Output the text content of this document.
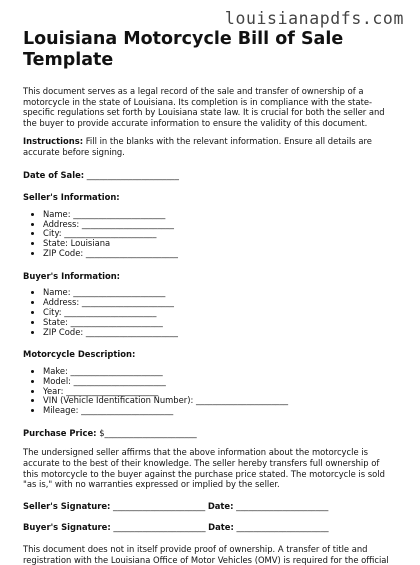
louisianapdfs.com
Louisiana Motorcycle Bill of Sale Template

This document serves as a legal record of the sale and transfer of ownership of a motorcycle in the state of Louisiana. Its completion is in compliance with the state-specific regulations set forth by Louisiana state law. It is crucial for both the seller and the buyer to provide accurate information to ensure the validity of this document.

Instructions: Fill in the blanks with the relevant information. Ensure all details are accurate before signing.

Date of Sale: ______________________

Seller's Information:
• Name: ______________________
• Address: ______________________
• City: ______________________
• State: Louisiana
• ZIP Code: ______________________
Buyer's Information:
• Name: ______________________
• Address: ______________________
• City: ______________________
• State: ______________________
• ZIP Code: ______________________
Motorcycle Description:
• Make: ______________________
• Model: ______________________
• Year: ______________________
• VIN (Vehicle Identification Number): ______________________
• Mileage: ______________________

Purchase Price: $______________________

The undersigned seller affirms that the above information about the motorcycle is accurate to the best of their knowledge. The seller hereby transfers full ownership of this motorcycle to the buyer against the purchase price stated. The motorcycle is sold "as is," with no warranties expressed or implied by the seller.

Seller's Signature: ______________________ Date: ______________________

Buyer's Signature: ______________________ Date: ______________________

This document does not in itself provide proof of ownership. A transfer of title and registration with the Louisiana Office of Motor Vehicles (OMV) is required for the official
